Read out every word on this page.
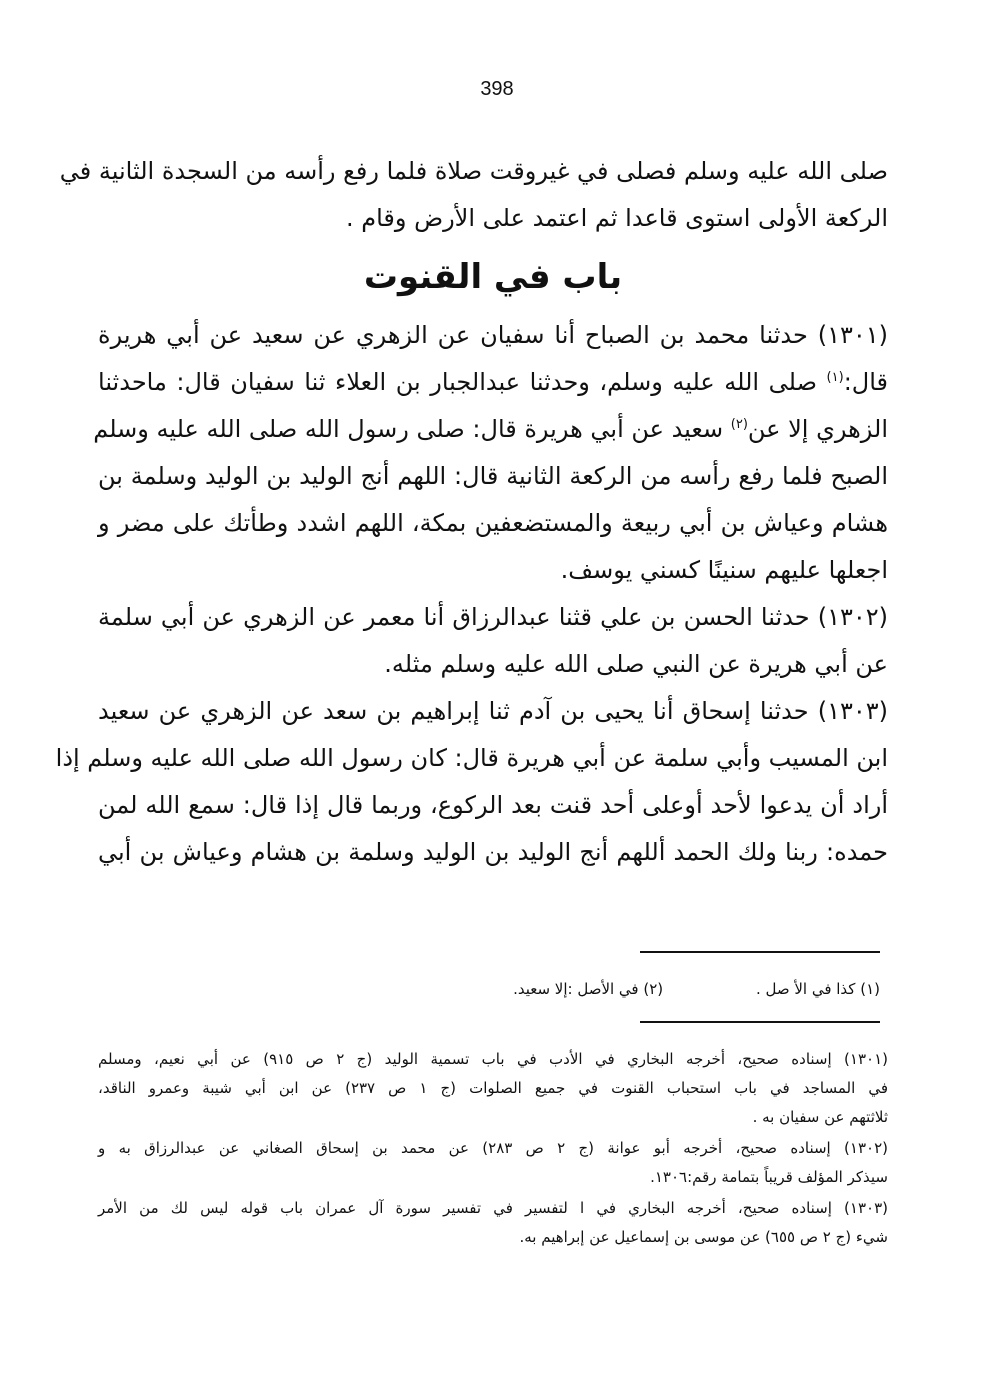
398
صلى الله عليه وسلم فصلى في غيروقت صلاة فلما رفع رأسه من السجدة الثانية في
الركعة الأولى استوى قاعدا ثم اعتمد على الأرض وقام .
باب في القنوت
(١٣٠١) حدثنا محمد بن الصباح أنا سفيان عن الزهري عن سعيد عن أبي هريرة
قال:$^{(١)}$ صلى الله عليه وسلم، وحدثنا عبدالجبار بن العلاء ثنا سفيان قال: ماحدثنا
الزهري إلا عن$^{(٢)}$ سعيد عن أبي هريرة قال: صلى رسول الله صلى الله عليه وسلم
الصبح فلما رفع رأسه من الركعة الثانية قال: اللهم أنج الوليد بن الوليد وسلمة بن
هشام وعياش بن أبي ربيعة والمستضعفين بمكة، اللهم اشدد وطأتك على مضر و
اجعلها عليهم سنينًا كسني يوسف.
(١٣٠٢) حدثنا الحسن بن علي قثنا عبدالرزاق أنا معمر عن الزهري عن أبي سلمة
عن أبي هريرة عن النبي صلى الله عليه وسلم مثله.
(١٣٠٣) حدثنا إسحاق أنا يحيى بن آدم ثنا إبراهيم بن سعد عن الزهري عن سعيد
ابن المسيب وأبي سلمة عن أبي هريرة قال: كان رسول الله صلى الله عليه وسلم إذا
أراد أن يدعوا لأحد أوعلى أحد قنت بعد الركوع، وربما قال إذا قال: سمع الله لمن
حمده: ربنا ولك الحمد أللهم أنج الوليد بن الوليد وسلمة بن هشام وعياش بن أبي
(١) كذا في الأ صل . (٢) في الأصل :إلا سعيد.
(١٣٠١) إسناده صحيح، أخرجه البخاري في الأدب في باب تسمية الوليد (ج ٢ ص ٩١٥) عن أبي نعيم، ومسلم
في المساجد في باب استحباب القنوت في جميع الصلوات (ج ١ ص ٢٣٧) عن ابن أبي شيبة وعمرو الناقد،
ثلاثتهم عن سفيان به .
(١٣٠٢) إسناده صحيح، أخرجه أبو عوانة (ج ٢ ص ٢٨٣) عن محمد بن إسحاق الصغاني عن عبدالرزاق به و
سيذكر المؤلف قريباً بتمامة رقم:١٣٠٦.
(١٣٠٣) إسناده صحيح، أخرجه البخاري في ا لتفسير في تفسير سورة آل عمران باب قوله ليس لك من الأمر
شيء (ج ٢ ص ٦٥٥) عن موسى بن إسماعيل عن إبراهيم به.
